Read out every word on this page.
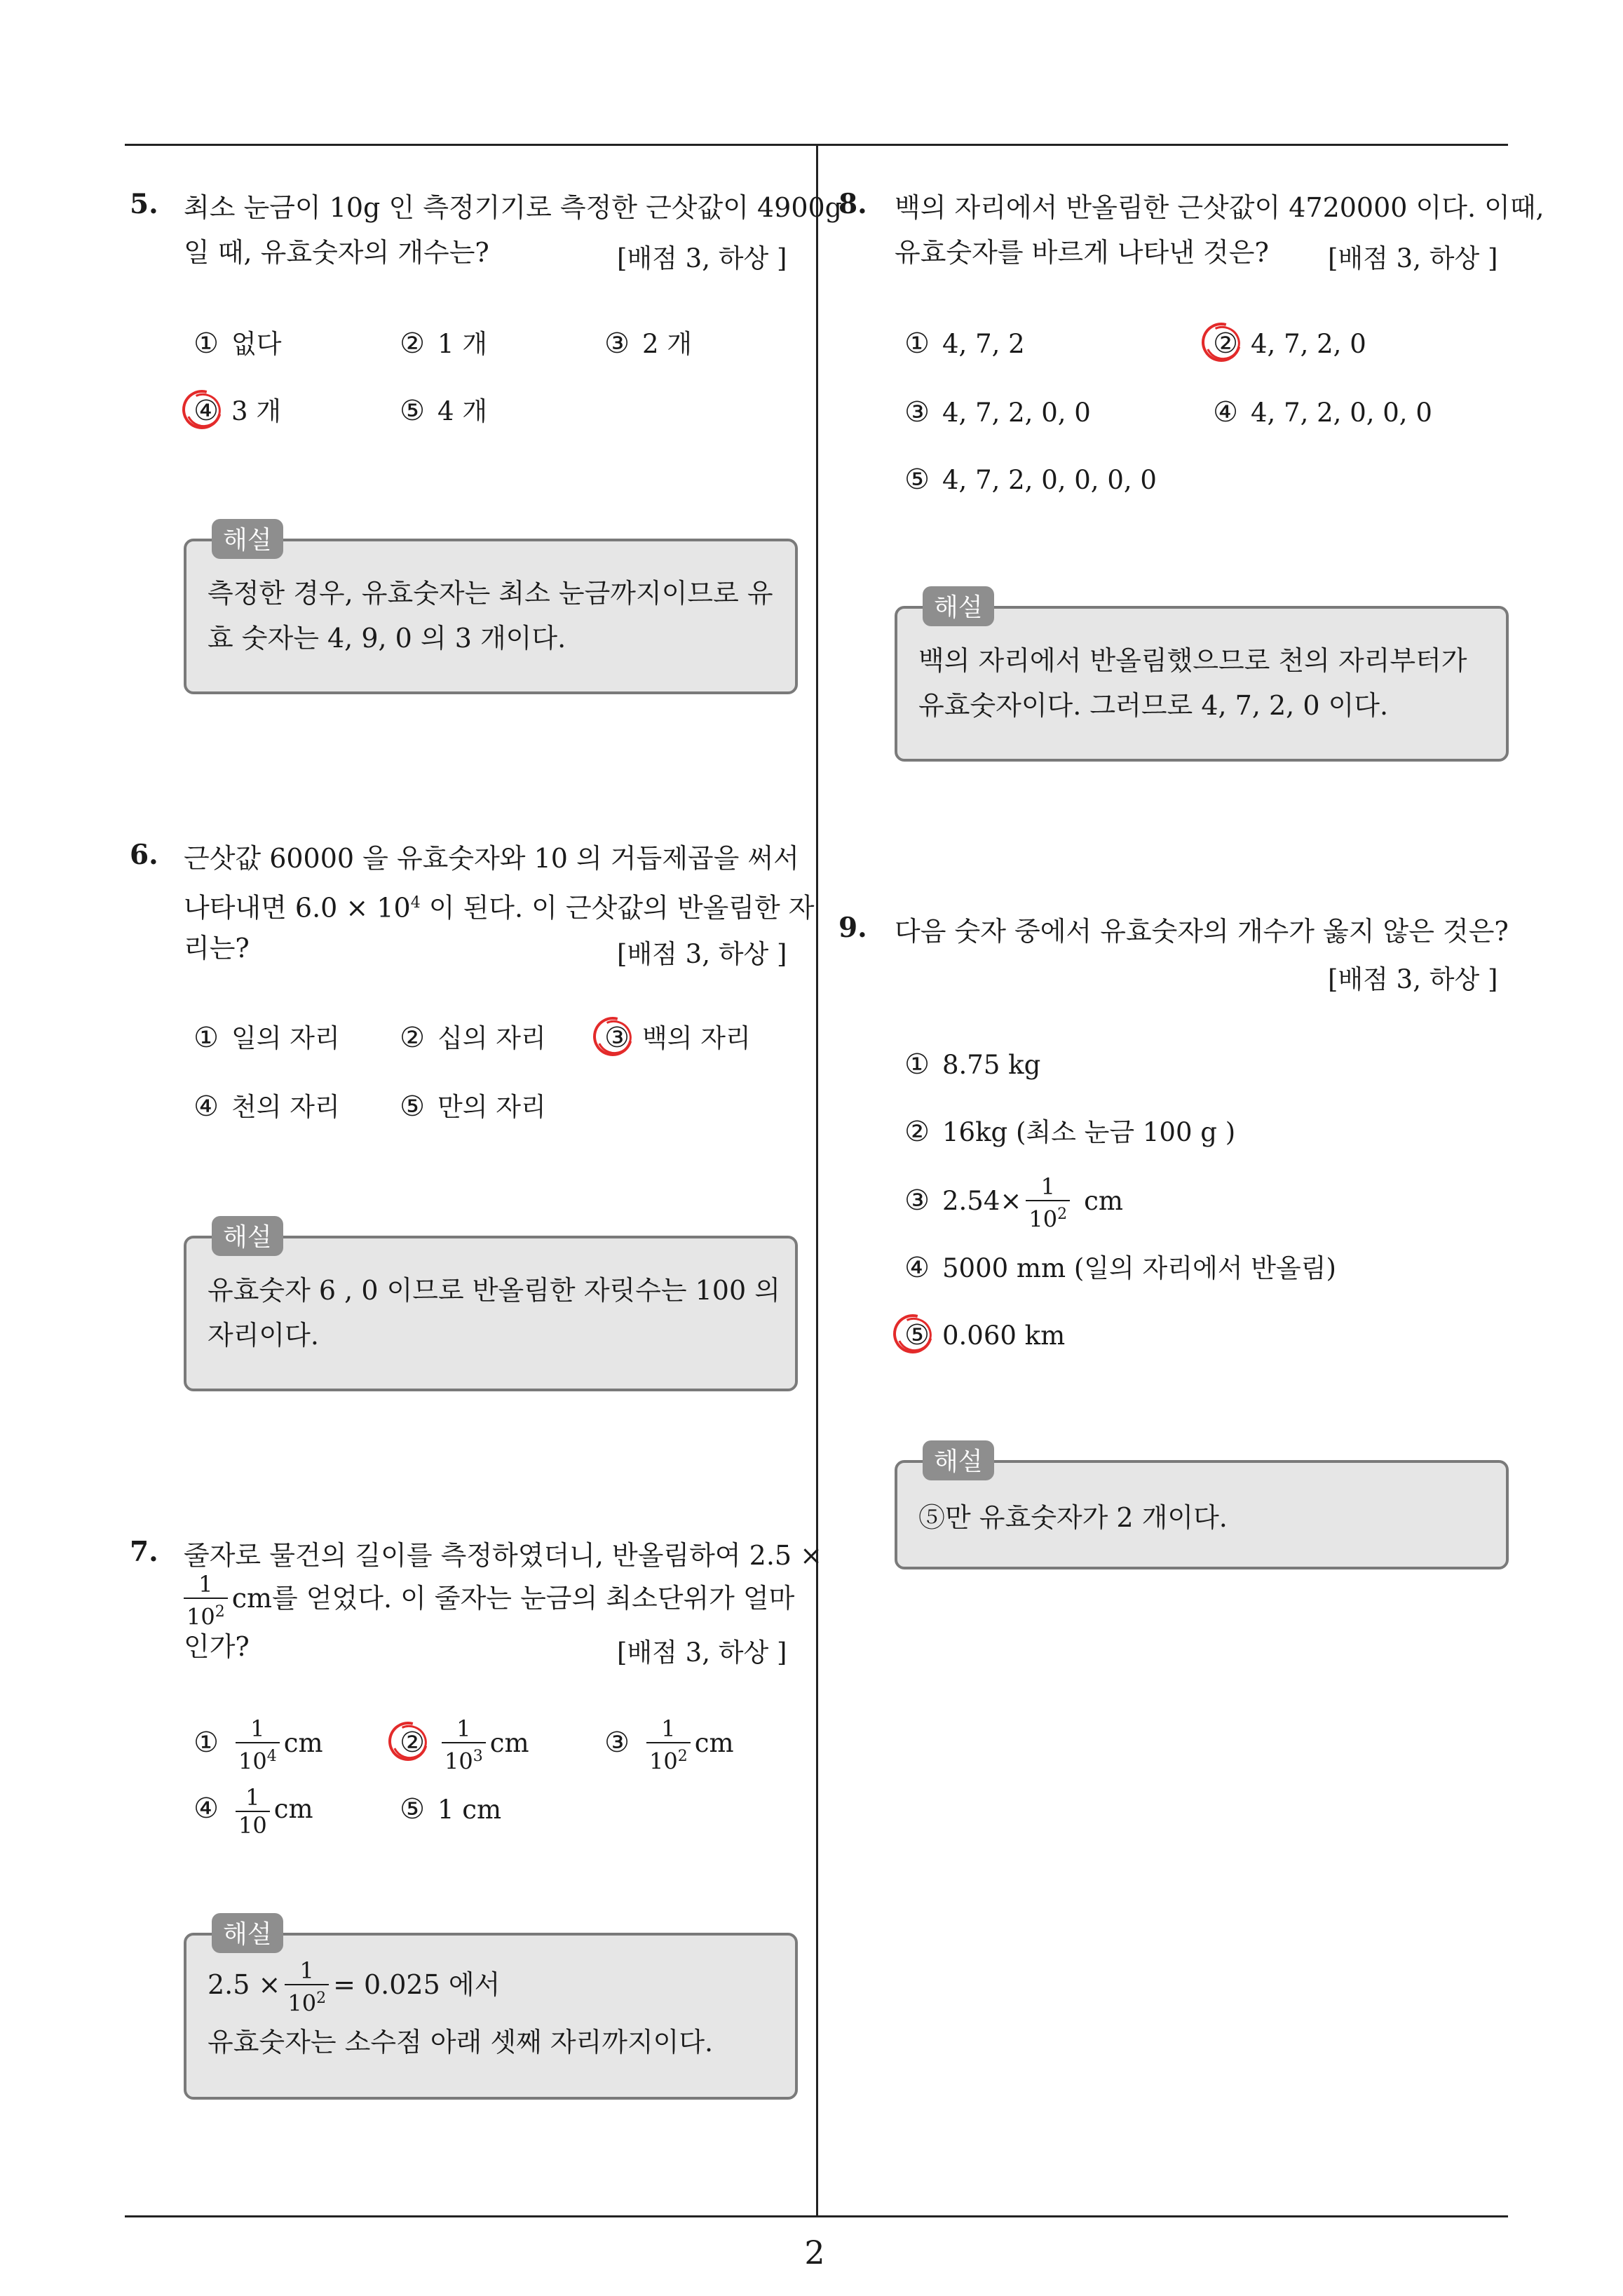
2
5. 최소 눈금이 10g 인 측정기기로 측정한 근삿값이 4900g
일 때, 유효숫자의 개수는?	[배점 3, 하상 ]
① 없다	② 1 개	③ 2 개
④ 3 개	⑤ 4 개
측정한 경우, 유효숫자는 최소 눈금까지이므로 유
효 숫자는 4, 9, 0 의 3 개이다.
해설
6. 근삿값 60000 을 유효숫자와 10 의 거듭제곱을 써서
나타내면 $6.0 \times 10^4$ 이 된다. 이 근삿값의 반올림한 자
리는?	[배점 3, 하상 ]
① 일의 자리 ② 십의 자리 ③ 백의 자리
④ 천의 자리 ⑤ 만의 자리
유효숫자 6 , 0 이므로 반올림한 자릿수는 100 의
자리이다.
해설
7. 줄자로 물건의 길이를 측정하였더니, 반올림하여 2.5 ×
$\frac{1}{10^2}$ cm를 얻었다. 이 줄자는 눈금의 최소단위가 얼마
인가?	[배점 3, 하상 ]
① $\frac{1}{10^4}$ cm	② $\frac{1}{10^3}$ cm	③ $\frac{1}{10^2}$ cm
④ $\frac{1}{10}$ cm	⑤ 1 cm
$2.5 \times \frac{1}{10^2} = 0.025$ 에서
유효숫자는 소수점 아래 셋째 자리까지이다.
해설
8. 백의 자리에서 반올림한 근삿값이 4720000 이다. 이때,
유효숫자를 바르게 나타낸 것은? [배점 3, 하상 ]
① 4, 7, 2	② 4, 7, 2, 0
③ 4, 7, 2, 0, 0	④ 4, 7, 2, 0, 0, 0
⑤ 4, 7, 2, 0, 0, 0, 0
백의 자리에서 반올림했으므로 천의 자리부터가
유효숫자이다. 그러므로 4, 7, 2, 0 이다.
해설
9. 다음 숫자 중에서 유효숫자의 개수가 옳지 않은 것은?
[배점 3, 하상 ]
① 8.75 kg
② 16kg (최소 눈금 100 g )
③ $2.54\times \frac{1}{10^2}$ cm
④ 5000 mm (일의 자리에서 반올림)
⑤ 0.060 km
⑤만 유효숫자가 2 개이다.
해설
